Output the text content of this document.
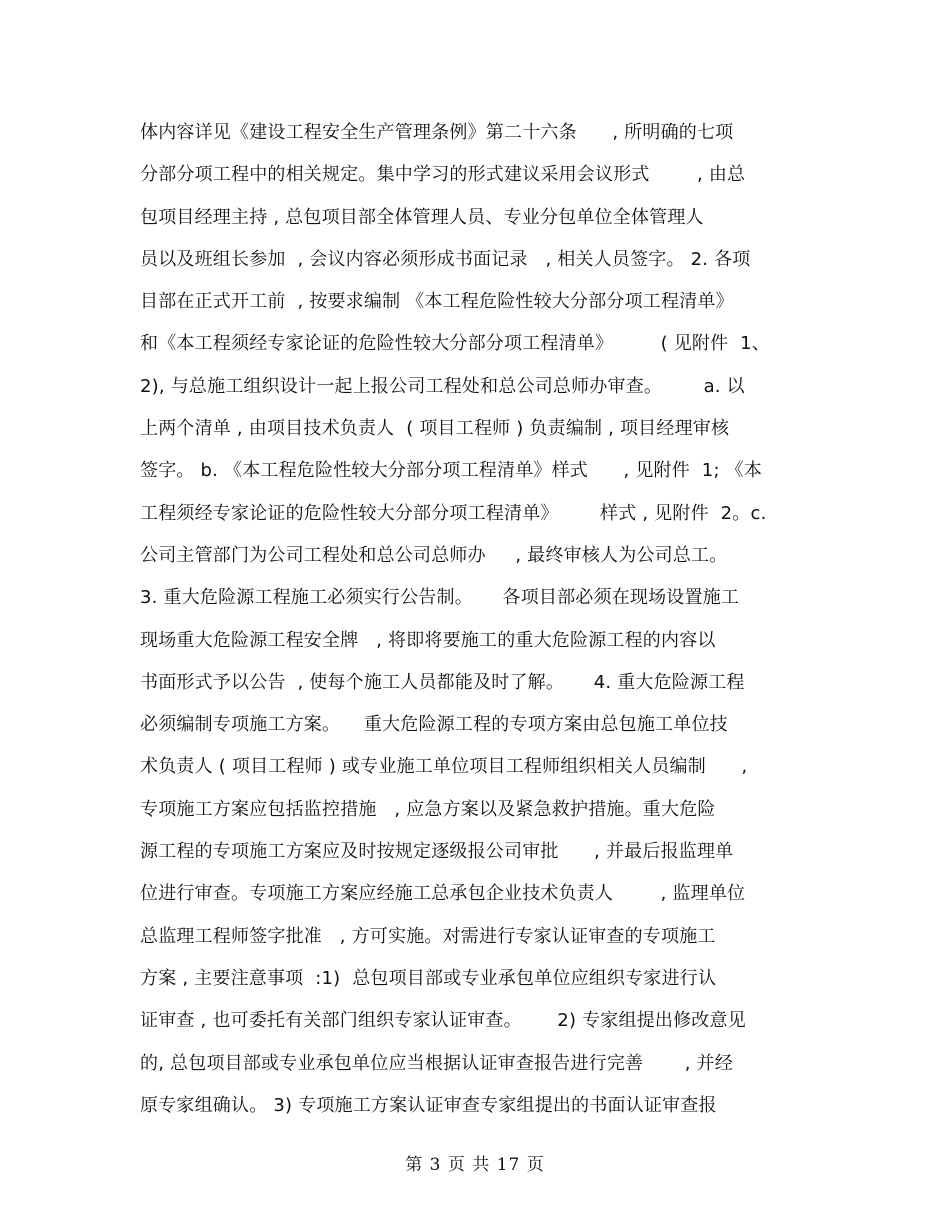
体内容详见《建设工程安全生产管理条例》第二十六条      , 所明确的七项
分部分项工程中的相关规定。集中学习的形式建议采用会议形式        , 由总
包项目经理主持 , 总包项目部全体管理人员、专业分包单位全体管理人
员以及班组长参加  , 会议内容必须形成书面记录   , 相关人员签字。 2. 各项
目部在正式开工前  , 按要求编制 《本工程危险性较大分部分项工程清单》
和《本工程须经专家论证的危险性较大分部分项工程清单》        ( 见附件  1、
2), 与总施工组织设计一起上报公司工程处和总公司总师办审查。       a. 以
上两个清单 , 由项目技术负责人  ( 项目工程师 ) 负责编制 , 项目经理审核
签字。 b. 《本工程危险性较大分部分项工程清单》样式      , 见附件  1; 《本
工程须经专家论证的危险性较大分部分项工程清单》       样式 , 见附件  2。c.
公司主管部门为公司工程处和总公司总师办     , 最终审核人为公司总工。
3. 重大危险源工程施工必须实行公告制。     各项目部必须在现场设置施工
现场重大危险源工程安全牌   , 将即将要施工的重大危险源工程的内容以
书面形式予以公告  , 使每个施工人员都能及时了解。     4. 重大危险源工程
必须编制专项施工方案。    重大危险源工程的专项方案由总包施工单位技
术负责人 ( 项目工程师 ) 或专业施工单位项目工程师组织相关人员编制      ,
专项施工方案应包括监控措施   , 应急方案以及紧急救护措施。重大危险
源工程的专项施工方案应及时按规定逐级报公司审批      , 并最后报监理单
位进行审查。专项施工方案应经施工总承包企业技术负责人        , 监理单位
总监理工程师签字批准   , 方可实施。对需进行专家认证审查的专项施工
方案 , 主要注意事项  :1)  总包项目部或专业承包单位应组织专家进行认
证审查 , 也可委托有关部门组织专家认证审查。      2) 专家组提出修改意见
的, 总包项目部或专业承包单位应当根据认证审查报告进行完善       , 并经
原专家组确认。 3) 专项施工方案认证审查专家组提出的书面认证审查报
第 3 页 共 17 页
